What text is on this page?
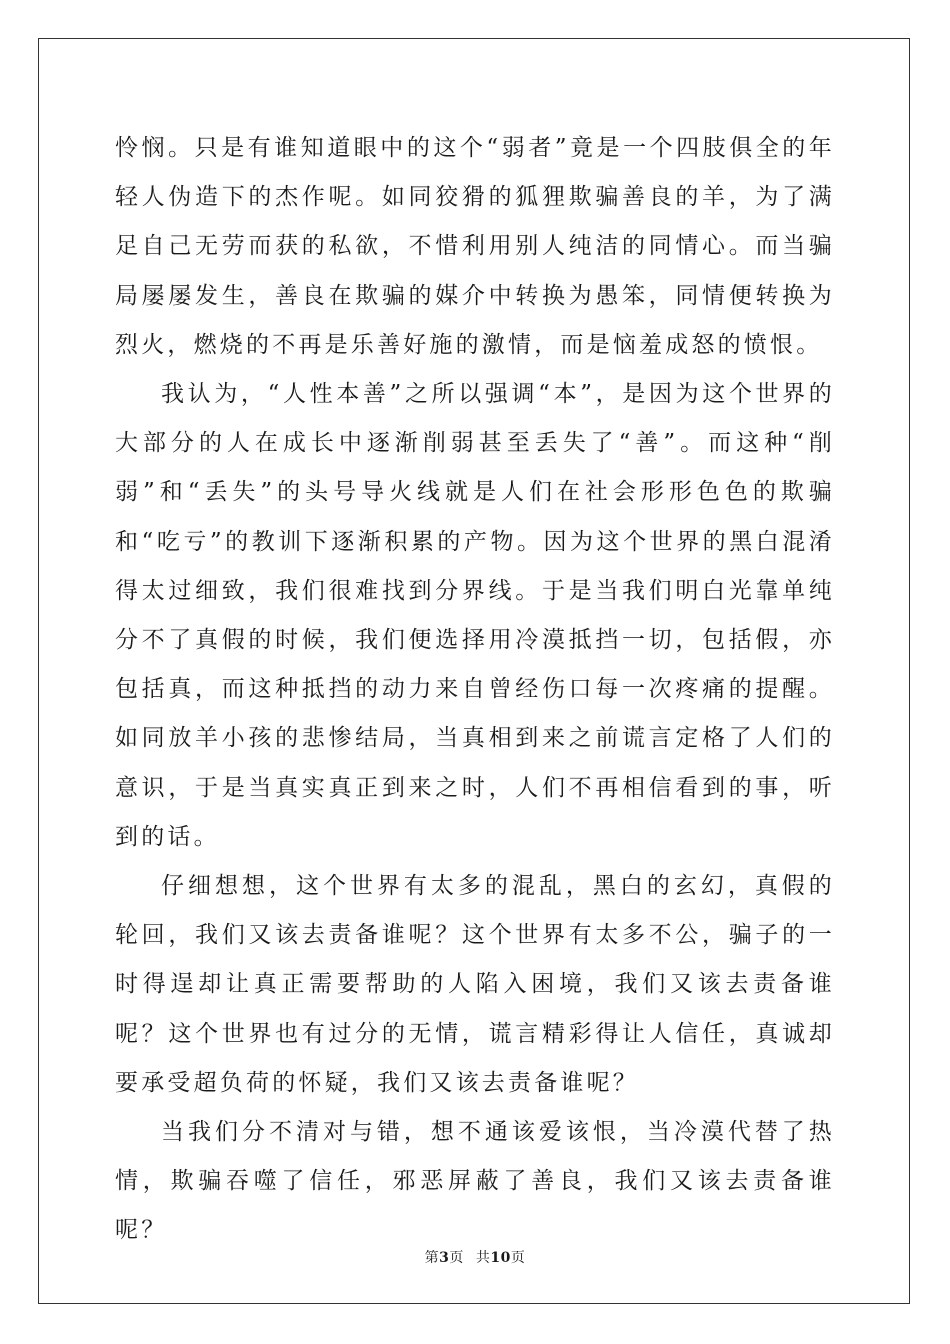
怜悯。只是有谁知道眼中的这个“弱者”竟是一个四肢俱全的年轻人伪造下的杰作呢。如同狡猾的狐狸欺骗善良的羊，为了满足自己无劳而获的私欲，不惜利用别人纯洁的同情心。而当骗局屡屡发生，善良在欺骗的媒介中转换为愚笨，同情便转换为烈火，燃烧的不再是乐善好施的激情，而是恼羞成怒的愤恨。

我认为，“人性本善”之所以强调“本”，是因为这个世界的大部分的人在成长中逐渐削弱甚至丢失了“善”。而这种“削弱”和“丢失”的头号导火线就是人们在社会形形色色的欺骗和“吃亏”的教训下逐渐积累的产物。因为这个世界的黑白混淆得太过细致，我们很难找到分界线。于是当我们明白光靠单纯分不了真假的时候，我们便选择用冷漠抵挡一切，包括假，亦包括真，而这种抵挡的动力来自曾经伤口每一次疼痛的提醒。如同放羊小孩的悲惨结局，当真相到来之前谎言定格了人们的意识，于是当真实真正到来之时，人们不再相信看到的事，听到的话。

仔细想想，这个世界有太多的混乱，黑白的玄幻，真假的轮回，我们又该去责备谁呢？这个世界有太多不公，骗子的一时得逞却让真正需要帮助的人陷入困境，我们又该去责备谁呢？这个世界也有过分的无情，谎言精彩得让人信任，真诚却要承受超负荷的怀疑，我们又该去责备谁呢？

当我们分不清对与错，想不通该爱该恨，当冷漠代替了热情，欺骗吞噬了信任，邪恶屏蔽了善良，我们又该去责备谁呢？

第3页 共10页
